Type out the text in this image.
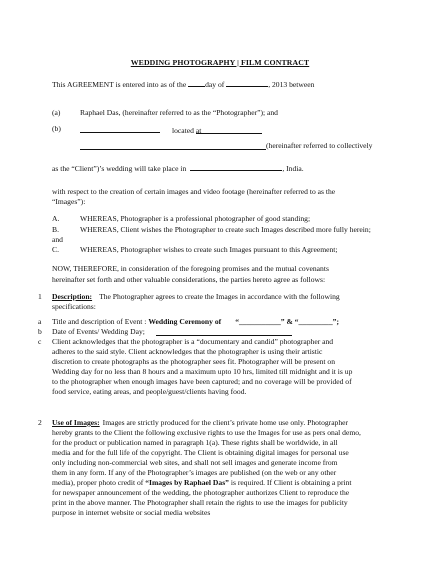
WEDDING PHOTOGRAPHY | FILM CONTRACT
This AGREEMENT is entered into as of the day of	, 2013 between
(a)	Raphael Das, (hereinafter referred to as the “Photographer”); and
(b)	located at
(hereinafter referred to collectively
as the “Client”)’s wedding will take place in	, India.
with respect to the creation of certain images and video footage (hereinafter referred to as the
“Images”):
A.	WHEREAS, Photographer is a professional photographer of good standing;
B.	WHEREAS, Client wishes the Photographer to create such Images described more fully herein;
and
C.	WHEREAS, Photographer wishes to create such Images pursuant to this Agreement;
NOW, THEREFORE, in consideration of the foregoing promises and the mutual covenants
hereinafter set forth and other valuable considerations, the parties hereto agree as follows:
1 Description: The Photographer agrees to create the Images in accordance with the following
specifications:
a Title and description of Event : Wedding Ceremony of “___________” & “_________”;
b Date of Events/ Wedding Day;
c Client acknowledges that the photographer is a “documentary and candid” photographer and
adheres to the said style. Client acknowledges that the photographer is using their artistic
discretion to create photographs as the photographer sees fit. Photographer will be present on
Wedding day for no less than 8 hours and a maximum upto 10 hrs, limited till midnight and it is up
to the photographer when enough images have been captured; and no coverage will be provided of
food service, eating areas, and people/guest/clients having food.
2 Use of Images: Images are strictly produced for the client’s private home use only. Photographer
hereby grants to the Client the following exclusive rights to use the Images for use as pers onal demo,
for the product or publication named in paragraph 1(a). These rights shall be worldwide, in all
media and for the full life of the copyright. The Client is obtaining digital images for personal use
only including non-commercial web sites, and shall not sell images and generate income from
them in any form. If any of the Photographer’s images are published (on the web or any other
media), proper photo credit of “Images by Raphael Das” is required. If Client is obtaining a print
for newspaper announcement of the wedding, the photographer authorizes Client to reproduce the
print in the above manner. The Photographer shall retain the rights to use the images for publicity
purpose in internet website or social media websites
